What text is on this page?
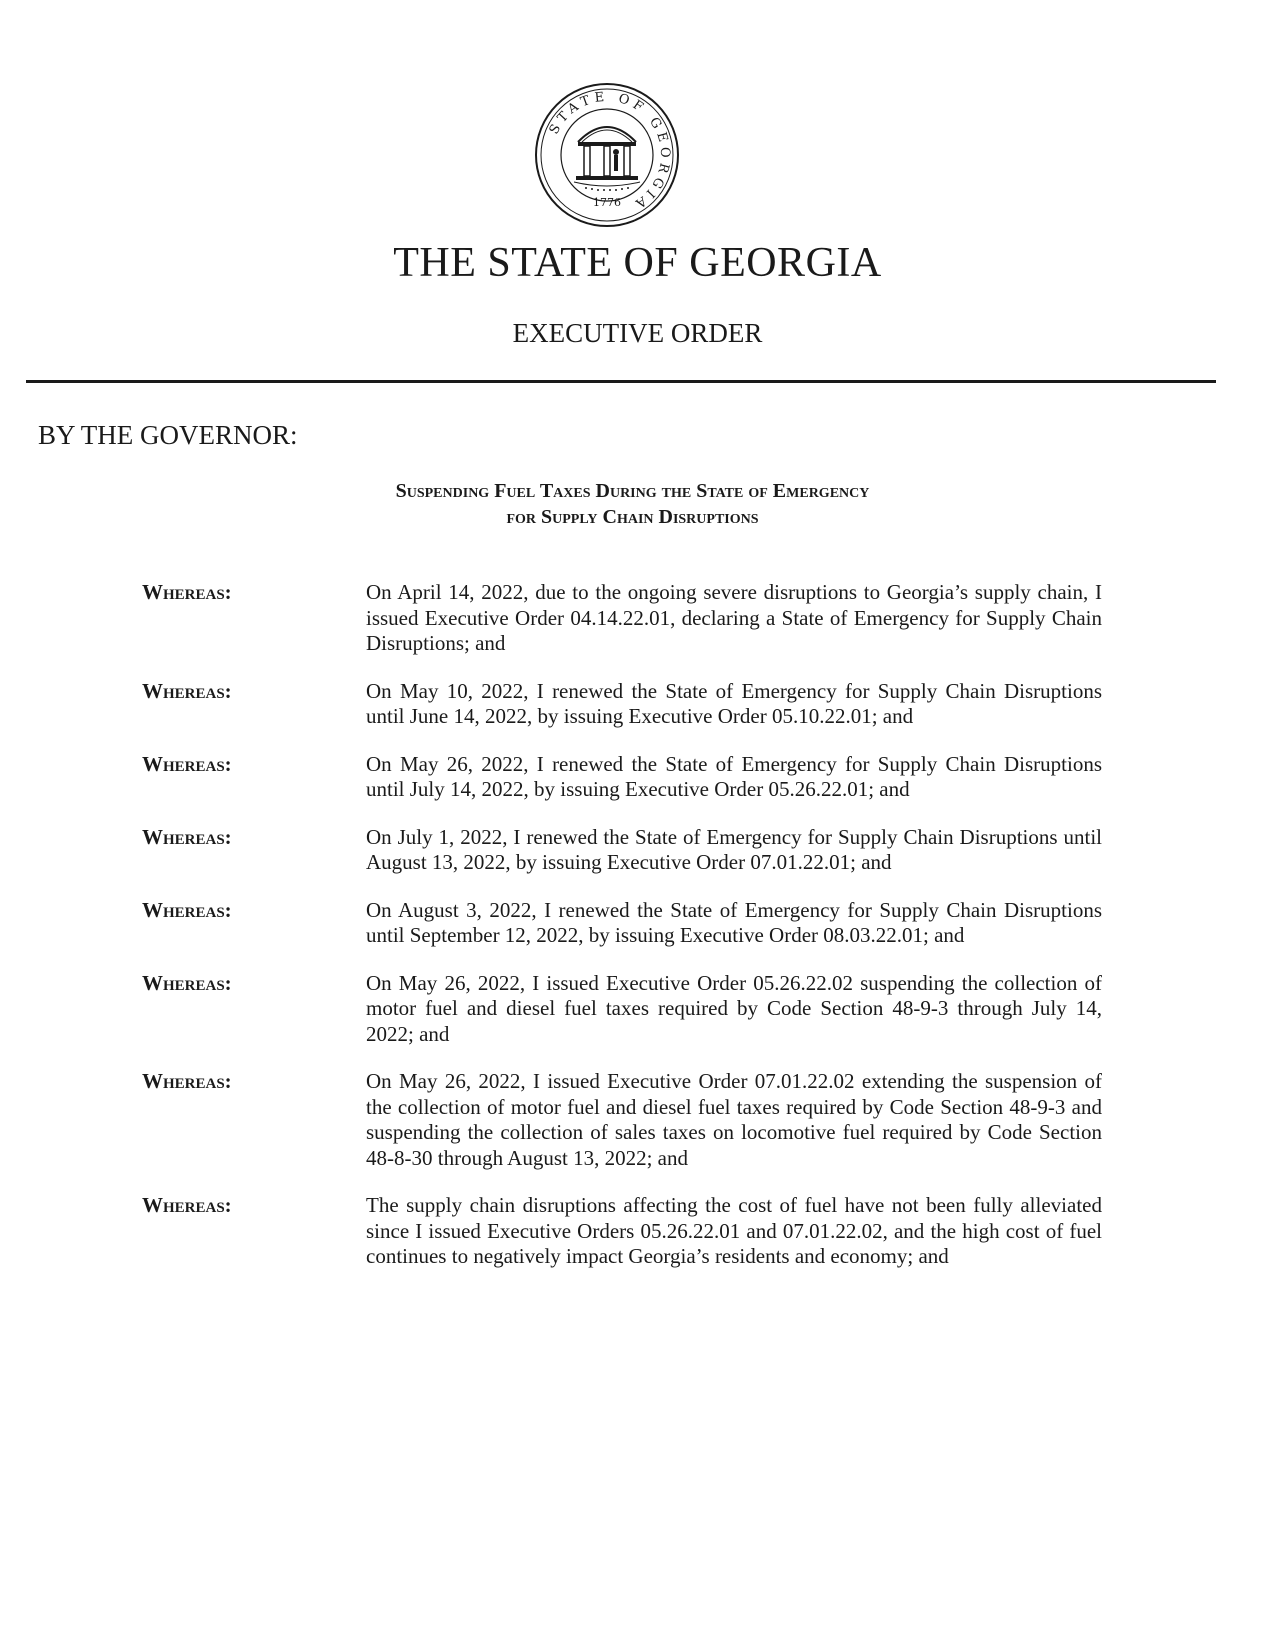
STATE OF GEORGIA
1776
THE STATE OF GEORGIA
EXECUTIVE ORDER
BY THE GOVERNOR:
Suspending Fuel Taxes During the State of Emergency
for Supply Chain Disruptions
Whereas:	On April 14, 2022, due to the ongoing severe disruptions to Georgia’s supply chain, I issued Executive Order 04.14.22.01, declaring a State of Emergency for Supply Chain Disruptions; and
Whereas:	On May 10, 2022, I renewed the State of Emergency for Supply Chain Disruptions until June 14, 2022, by issuing Executive Order 05.10.22.01; and
Whereas:	On May 26, 2022, I renewed the State of Emergency for Supply Chain Disruptions until July 14, 2022, by issuing Executive Order 05.26.22.01; and
Whereas:	On July 1, 2022, I renewed the State of Emergency for Supply Chain Disruptions until August 13, 2022, by issuing Executive Order 07.01.22.01; and
Whereas:	On August 3, 2022, I renewed the State of Emergency for Supply Chain Disruptions until September 12, 2022, by issuing Executive Order 08.03.22.01; and
Whereas:	On May 26, 2022, I issued Executive Order 05.26.22.02 suspending the collection of motor fuel and diesel fuel taxes required by Code Section 48-9-3 through July 14, 2022; and
Whereas:	On May 26, 2022, I issued Executive Order 07.01.22.02 extending the suspension of the collection of motor fuel and diesel fuel taxes required by Code Section 48-9-3 and suspending the collection of sales taxes on locomotive fuel required by Code Section 48-8-30 through August 13, 2022; and
Whereas:	The supply chain disruptions affecting the cost of fuel have not been fully alleviated since I issued Executive Orders 05.26.22.01 and 07.01.22.02, and the high cost of fuel continues to negatively impact Georgia’s residents and economy; and
